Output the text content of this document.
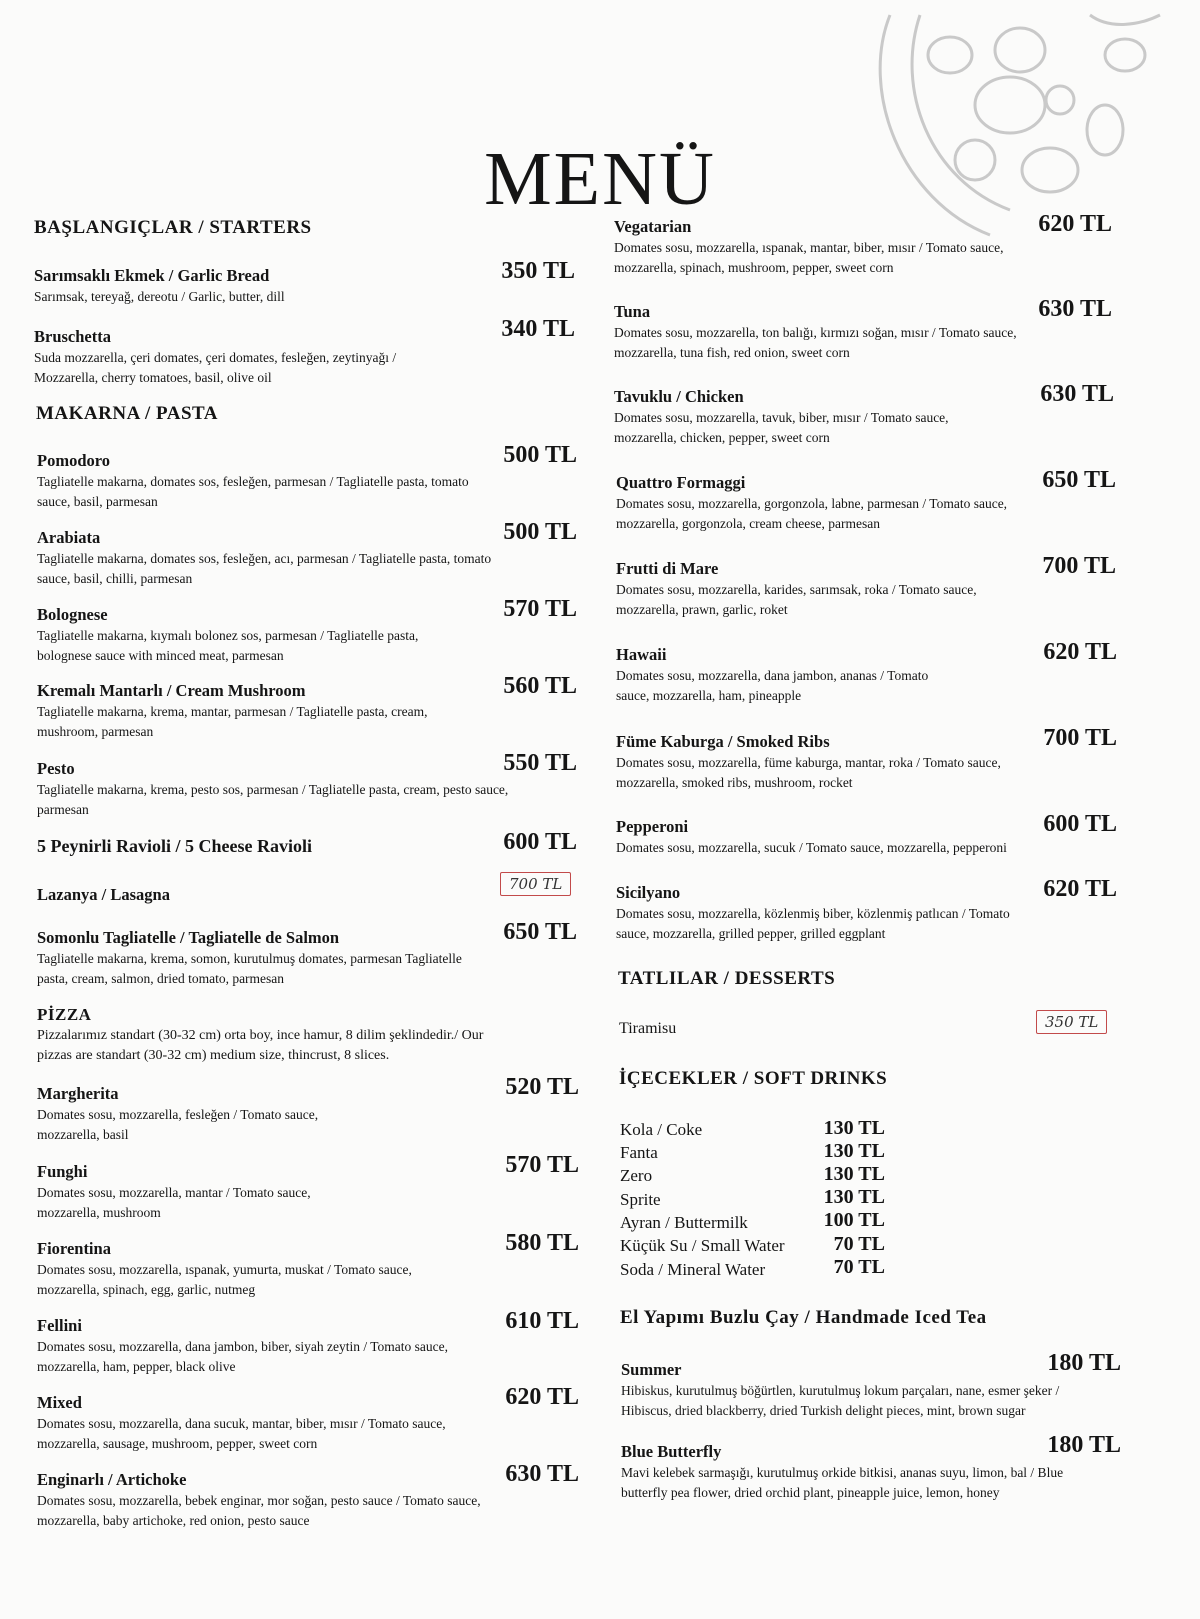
MENÜ
BAŞLANGIÇLAR / STARTERS
Sarımsaklı Ekmek / Garlic Bread
Sarımsak, tereyağ, dereotu / Garlic, butter, dill
350 TL
Bruschetta
Suda mozzarella, çeri domates, çeri domates, fesleğen, zeytinyağı / Mozzarella, cherry tomatoes, basil, olive oil
340 TL
MAKARNA / PASTA
Pomodoro
Tagliatelle makarna, domates sos, fesleğen, parmesan / Tagliatelle pasta, tomato sauce, basil, parmesan
500 TL
Arabiata
Tagliatelle makarna, domates sos, fesleğen, acı, parmesan / Tagliatelle pasta, tomato sauce, basil, chilli, parmesan
500 TL
Bolognese
Tagliatelle makarna, kıymalı bolonez sos, parmesan / Tagliatelle pasta, bolognese sauce with minced meat, parmesan
570 TL
Kremalı Mantarlı / Cream Mushroom
Tagliatelle makarna, krema, mantar, parmesan / Tagliatelle pasta, cream, mushroom, parmesan
560 TL
Pesto
Tagliatelle makarna, krema, pesto sos, parmesan / Tagliatelle pasta, cream, pesto sauce, parmesan
550 TL
5 Peynirli Ravioli / 5 Cheese Ravioli	600 TL
Lazanya / Lasagna
700 TL
Somonlu Tagliatelle / Tagliatelle de Salmon
Tagliatelle makarna, krema, somon, kurutulmuş domates, parmesan Tagliatelle pasta, cream, salmon, dried tomato, parmesan
650 TL
PİZZA
Pizzalarımız standart (30-32 cm) orta boy, ince hamur, 8 dilim şeklindedir./ Our pizzas are standart (30-32 cm) medium size, thincrust, 8 slices.
Margherita
Domates sosu, mozzarella, fesleğen / Tomato sauce, mozzarella, basil
520 TL
Funghi
Domates sosu, mozzarella, mantar / Tomato sauce, mozzarella, mushroom
570 TL
Fiorentina
Domates sosu, mozzarella, ıspanak, yumurta, muskat / Tomato sauce, mozzarella, spinach, egg, garlic, nutmeg
580 TL
Fellini
Domates sosu, mozzarella, dana jambon, biber, siyah zeytin / Tomato sauce, mozzarella, ham, pepper, black olive
610 TL
Mixed
Domates sosu, mozzarella, dana sucuk, mantar, biber, mısır / Tomato sauce, mozzarella, sausage, mushroom, pepper, sweet corn
620 TL
Enginarlı / Artichoke
Domates sosu, mozzarella, bebek enginar, mor soğan, pesto sauce / Tomato sauce, mozzarella, baby artichoke, red onion, pesto sauce
630 TL
Vegatarian
Domates sosu, mozzarella, ıspanak, mantar, biber, mısır / Tomato sauce, mozzarella, spinach, mushroom, pepper, sweet corn
620 TL
Tuna
Domates sosu, mozzarella, ton balığı, kırmızı soğan, mısır / Tomato sauce, mozzarella, tuna fish, red onion, sweet corn
630 TL
Tavuklu / Chicken
Domates sosu, mozzarella, tavuk, biber, mısır / Tomato sauce, mozzarella, chicken, pepper, sweet corn
630 TL
Quattro Formaggi
Domates sosu, mozzarella, gorgonzola, labne, parmesan / Tomato sauce, mozzarella, gorgonzola, cream cheese, parmesan
650 TL
Frutti di Mare
Domates sosu, mozzarella, karides, sarımsak, roka / Tomato sauce, mozzarella, prawn, garlic, roket
700 TL
Hawaii
Domates sosu, mozzarella, dana jambon, ananas / Tomato sauce, mozzarella, ham, pineapple
620 TL
Füme Kaburga / Smoked Ribs
Domates sosu, mozzarella, füme kaburga, mantar, roka / Tomato sauce, mozzarella, smoked ribs, mushroom, rocket
700 TL
Pepperoni
Domates sosu, mozzarella, sucuk / Tomato sauce, mozzarella, pepperoni
600 TL
Sicilyano
Domates sosu, mozzarella, közlenmiş biber, közlenmiş patlıcan / Tomato sauce, mozzarella, grilled pepper, grilled eggplant
620 TL
TATLILAR / DESSERTS
Tiramisu	350 TL
İÇECEKLER / SOFT DRINKS
Kola / Coke	130 TL
Fanta	130 TL
Zero	130 TL
Sprite	130 TL
Ayran / Buttermilk	100 TL
Küçük Su / Small Water	70 TL
Soda / Mineral Water	70 TL
El Yapımı Buzlu Çay / Handmade Iced Tea
Summer
Hibiskus, kurutulmuş böğürtlen, kurutulmuş lokum parçaları, nane, esmer şeker / Hibiscus, dried blackberry, dried Turkish delight pieces, mint, brown sugar
180 TL
Blue Butterfly
Mavi kelebek sarmaşığı, kurutulmuş orkide bitkisi, ananas suyu, limon, bal / Blue butterfly pea flower, dried orchid plant, pineapple juice, lemon, honey
180 TL
